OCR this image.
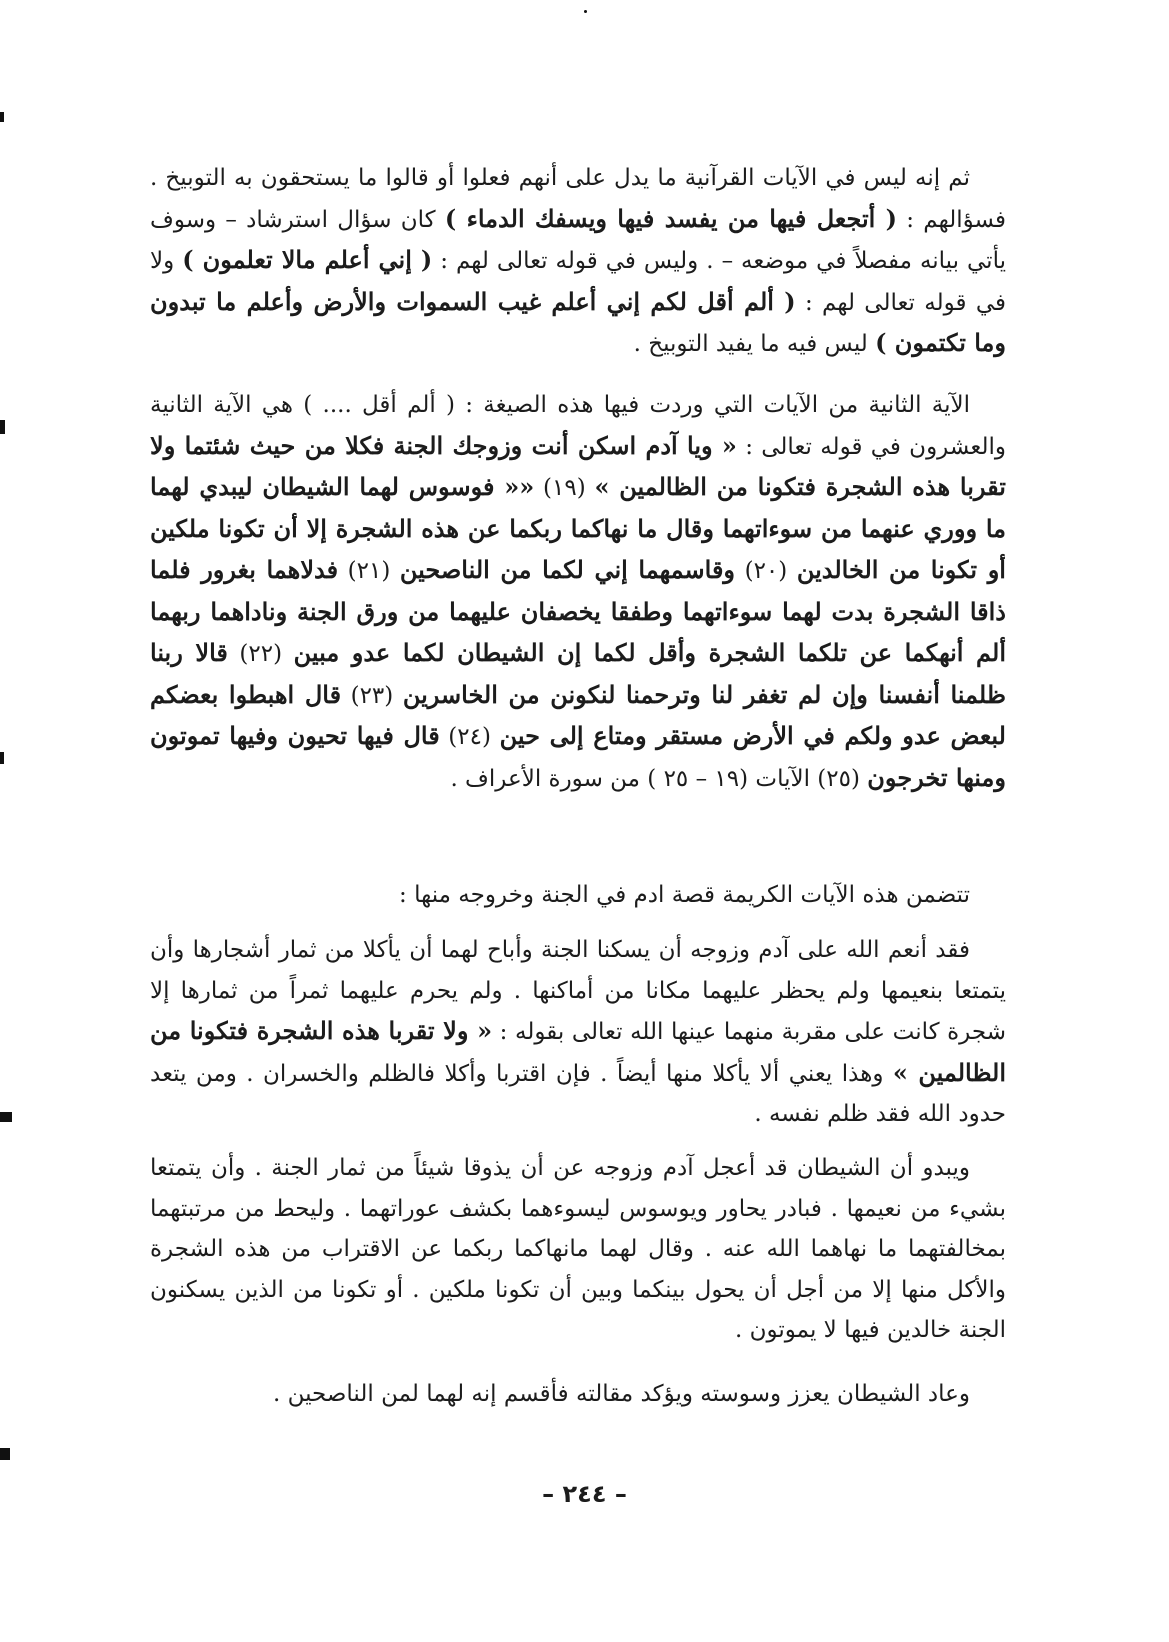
ثم إنه ليس في الآيات القرآنية ما يدل على أنهم فعلوا أو قالوا ما يستحقون به التوبيخ . فسؤالهم : ( أتجعل فيها من يفسد فيها ويسفك الدماء ) كان سؤال استرشاد – وسوف يأتي بيانه مفصلاً في موضعه – . وليس في قوله تعالى لهم : ( إني أعلم مالا تعلمون ) ولا في قوله تعالى لهم : ( ألم أقل لكم إني أعلم غيب السموات والأرض وأعلم ما تبدون وما تكتمون ) ليس فيه ما يفيد التوبيخ .
الآية الثانية من الآيات التي وردت فيها هذه الصيغة : ( ألم أقل .... ) هي الآية الثانية والعشرون في قوله تعالى : « ويا آدم اسكن أنت وزوجك الجنة فكلا من حيث شئتما ولا تقربا هذه الشجرة فتكونا من الظالمين » (١٩) «« فوسوس لهما الشيطان ليبدي لهما ما ووري عنهما من سوءاتهما وقال ما نهاكما ربكما عن هذه الشجرة إلا أن تكونا ملكين أو تكونا من الخالدين (٢٠) وقاسمهما إني لكما من الناصحين (٢١) فدلاهما بغرور فلما ذاقا الشجرة بدت لهما سوءاتهما وطفقا يخصفان عليهما من ورق الجنة وناداهما ربهما ألم أنهكما عن تلكما الشجرة وأقل لكما إن الشيطان لكما عدو مبين (٢٢) قالا ربنا ظلمنا أنفسنا وإن لم تغفر لنا وترحمنا لنكونن من الخاسرين (٢٣) قال اهبطوا بعضكم لبعض عدو ولكم في الأرض مستقر ومتاع إلى حين (٢٤) قال فيها تحيون وفيها تموتون ومنها تخرجون (٢٥) الآيات (١٩ – ٢٥ ) من سورة الأعراف .
تتضمن هذه الآيات الكريمة قصة ادم في الجنة وخروجه منها :
فقد أنعم الله على آدم وزوجه أن يسكنا الجنة وأباح لهما أن يأكلا من ثمار أشجارها وأن يتمتعا بنعيمها ولم يحظر عليهما مكانا من أماكنها . ولم يحرم عليهما ثمراً من ثمارها إلا شجرة كانت على مقربة منهما عينها الله تعالى بقوله : « ولا تقربا هذه الشجرة فتكونا من الظالمين » وهذا يعني ألا يأكلا منها أيضاً . فإن اقتربا وأكلا فالظلم والخسران . ومن يتعد حدود الله فقد ظلم نفسه .
ويبدو أن الشيطان قد أعجل آدم وزوجه عن أن يذوقا شيئاً من ثمار الجنة . وأن يتمتعا بشيء من نعيمها . فبادر يحاور ويوسوس ليسوءهما بكشف عوراتهما . وليحط من مرتبتهما بمخالفتهما ما نهاهما الله عنه . وقال لهما مانهاكما ربكما عن الاقتراب من هذه الشجرة والأكل منها إلا من أجل أن يحول بينكما وبين أن تكونا ملكين . أو تكونا من الذين يسكنون الجنة خالدين فيها لا يموتون .
وعاد الشيطان يعزز وسوسته ويؤكد مقالته فأقسم إنه لهما لمن الناصحين .
– ٢٤٤ –
